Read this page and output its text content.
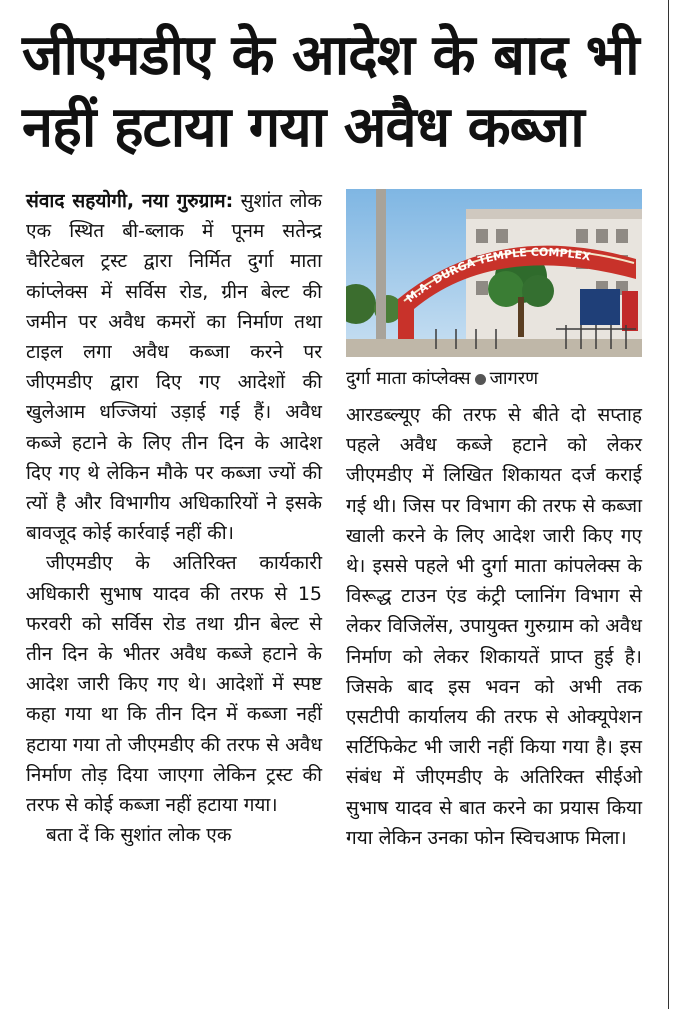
जीएमडीए के आदेश के बाद भी
नहीं हटाया गया अवैध कब्जा

संवाद सहयोगी, नया गुरुग्राम: सुशांत लोक एक स्थित बी-ब्लाक में पूनम सतेन्द्र चैरिटेबल ट्रस्ट द्वारा निर्मित दुर्गा माता कांप्लेक्स में सर्विस रोड, ग्रीन बेल्ट की जमीन पर अवैध कमरों का निर्माण तथा टाइल लगा अवैध कब्जा करने पर जीएमडीए द्वारा दिए गए आदेशों की खुलेआम धज्जियां उड़ाई गई हैं। अवैध कब्जे हटाने के लिए तीन दिन के आदेश दिए गए थे लेकिन मौके पर कब्जा ज्यों की त्यों है और विभागीय अधिकारियों ने इसके बावजूद कोई कार्रवाई नहीं की।

जीएमडीए के अतिरिक्त कार्यकारी अधिकारी सुभाष यादव की तरफ से 15 फरवरी को सर्विस रोड तथा ग्रीन बेल्ट से तीन दिन के भीतर अवैध कब्जे हटाने के आदेश जारी किए गए थे। आदेशों में स्पष्ट कहा गया था कि तीन दिन में कब्जा नहीं हटाया गया तो जीएमडीए की तरफ से अवैध निर्माण तोड़ दिया जाएगा लेकिन ट्रस्ट की तरफ से कोई कब्जा नहीं हटाया गया।

बता दें कि सुशांत लोक एक

M.A. DURGA TEMPLE COMPLEX
दुर्गा माता कांप्लेक्स जागरण

आरडब्ल्यूए की तरफ से बीते दो सप्ताह पहले अवैध कब्जे हटाने को लेकर जीएमडीए में लिखित शिकायत दर्ज कराई गई थी। जिस पर विभाग की तरफ से कब्जा खाली करने के लिए आदेश जारी किए गए थे। इससे पहले भी दुर्गा माता कांपलेक्स के विरूद्ध टाउन एंड कंट्री प्लानिंग विभाग से लेकर विजिलेंस, उपायुक्त गुरुग्राम को अवैध निर्माण को लेकर शिकायतें प्राप्त हुई है। जिसके बाद इस भवन को अभी तक एसटीपी कार्यालय की तरफ से ओक्यूपेशन सर्टिफिकेट भी जारी नहीं किया गया है। इस संबंध में जीएमडीए के अतिरिक्त सीईओ सुभाष यादव से बात करने का प्रयास किया गया लेकिन उनका फोन स्विचआफ मिला।
